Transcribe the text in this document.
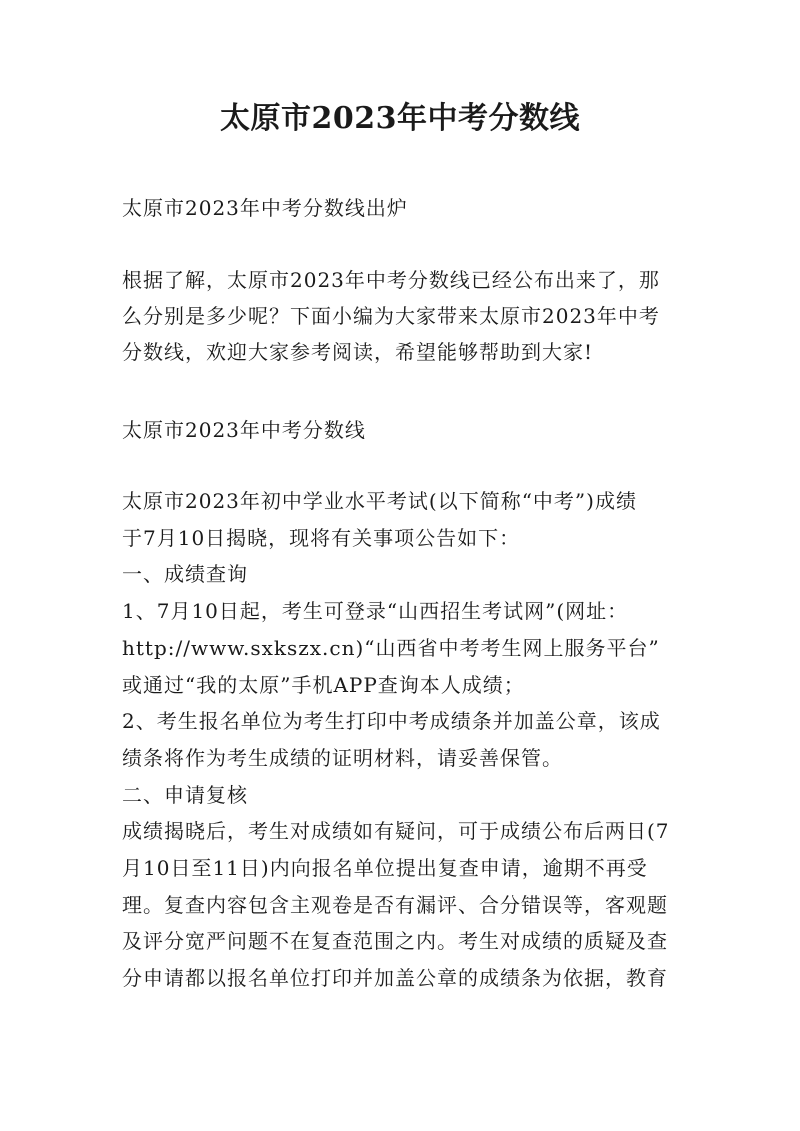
太原市2023年中考分数线

太原市2023年中考分数线出炉

根据了解，太原市2023年中考分数线已经公布出来了，那
么分别是多少呢？下面小编为大家带来太原市2023年中考
分数线，欢迎大家参考阅读，希望能够帮助到大家!

太原市2023年中考分数线

太原市2023年初中学业水平考试(以下简称“中考”)成绩
于7月10日揭晓，现将有关事项公告如下：
一、成绩查询
1、7月10日起，考生可登录“山西招生考试网”(网址：
http://www.sxkszx.cn)“山西省中考考生网上服务平台”
或通过“我的太原”手机APP查询本人成绩；
2、考生报名单位为考生打印中考成绩条并加盖公章，该成
绩条将作为考生成绩的证明材料，请妥善保管。
二、申请复核
成绩揭晓后，考生对成绩如有疑问，可于成绩公布后两日(7
月10日至11日)内向报名单位提出复查申请，逾期不再受
理。复查内容包含主观卷是否有漏评、合分错误等，客观题
及评分宽严问题不在复查范围之内。考生对成绩的质疑及查
分申请都以报名单位打印并加盖公章的成绩条为依据，教育
